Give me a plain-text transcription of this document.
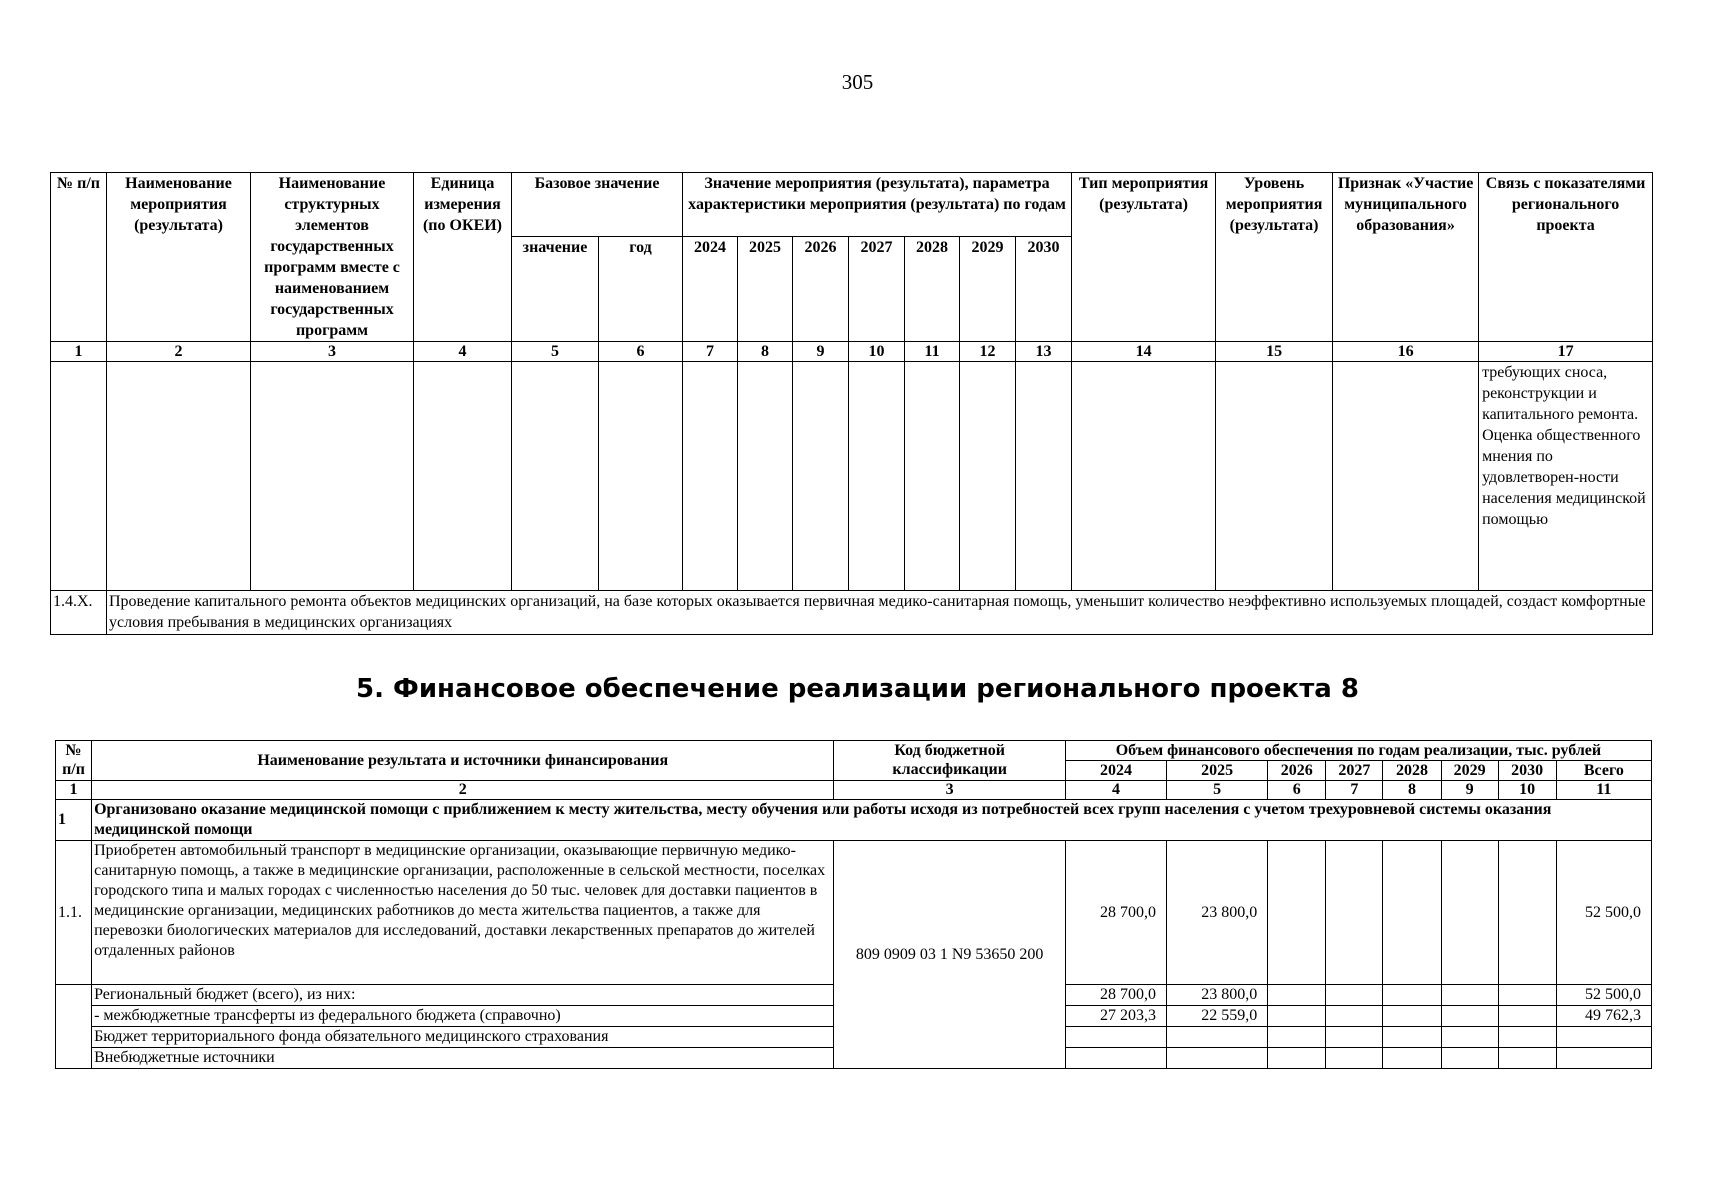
305
№ п/п	Наименование мероприятия (результата)	Наименование структурных элементов государственных программ вместе с наименованием государственных программ	Единица измерения (по ОКЕИ)	Базовое значение		Значение мероприятия (результата), параметра характеристики мероприятия (результата) по годам							Тип мероприятия (результата)	Уровень мероприятия (результата)	Признак «Участие муниципального образования»	Связь с показателями регионального проекта
				значение	год	2024	2025	2026	2027	2028	2029	2030				
1	2	3	4	5	6	7	8	9	10	11	12	13	14	15	16	17
																требующих сноса, реконструкции и капитального ремонта. Оценка общественного мнения по удовлетворен-ности населения медицинской помощью
1.4.Х.	Проведение капитального ремонта объектов медицинских организаций, на базе которых оказывается первичная медико-санитарная помощь, уменьшит количество неэффективно используемых площадей, создаст комфортные условия пребывания в медицинских организациях															
5. Финансовое обеспечение реализации регионального проекта 8
№ п/п	Наименование результата и источники финансирования	Код бюджетной классификации	Объем финансового обеспечения по годам реализации, тыс. рублей							
			2024	2025	2026	2027	2028	2029	2030	Всего
1	2	3	4	5	6	7	8	9	10	11
1	Организовано оказание медицинской помощи с приближением к месту жительства, месту обучения или работы исходя из потребностей всех групп населения с учетом трехуровневой системы оказания медицинской помощи									
1.1.	Приобретен автомобильный транспорт в медицинские организации, оказывающие первичную медико-санитарную помощь, а также в медицинские организации, расположенные в сельской местности, поселках городского типа и малых городах с численностью населения до 50 тыс. человек для доставки пациентов в медицинские организации, медицинских работников до места жительства пациентов, а также для перевозки биологических материалов для исследований, доставки лекарственных препаратов до жителей отдаленных районов	809 0909 03 1 N9 53650 200	28 700,0	23 800,0						52 500,0
	Региональный бюджет (всего), из них:		28 700,0	23 800,0						52 500,0
	- межбюджетные трансферты из федерального бюджета (справочно)		27 203,3	22 559,0						49 762,3
	Бюджет территориального фонда обязательного медицинского страхования									
	Внебюджетные источники									
